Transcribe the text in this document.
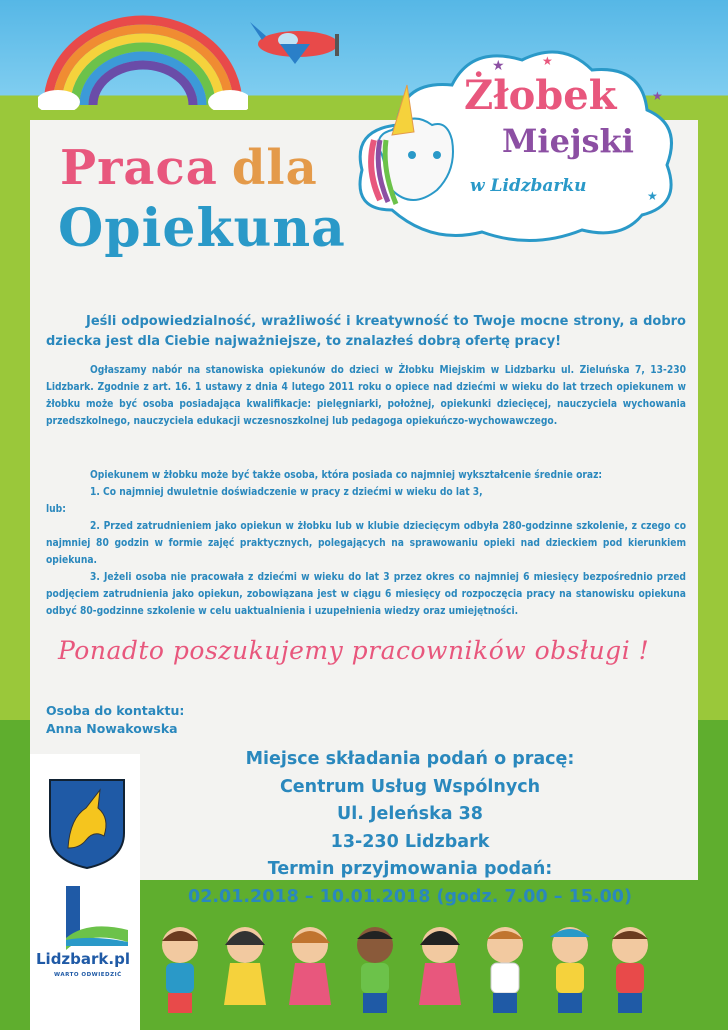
★	★
★
★
Żłobek
Miejski
w Lidzbarku
Praca dla
Opiekuna
Jeśli odpowiedzialność, wrażliwość i kreatywność to Twoje mocne strony, a dobro dziecka jest dla Ciebie najważniejsze, to znalazłeś dobrą ofertę pracy!
Ogłaszamy nabór na stanowiska opiekunów do dzieci w Żłobku Miejskim w Lidzbarku ul. Zieluńska 7, 13-230 Lidzbark. Zgodnie z art. 16. 1 ustawy z dnia 4 lutego 2011 roku o opiece nad dziećmi w wieku do lat trzech opiekunem w żłobku może być osoba posiadająca kwalifikacje: pielęgniarki, położnej, opiekunki dziecięcej, nauczyciela wychowania przedszkolnego, nauczyciela edukacji wczesnoszkolnej lub pedagoga opiekuńczo-wychowawczego.
Opiekunem w żłobku może być także osoba, która posiada co najmniej wykształcenie średnie oraz:
1. Co najmniej dwuletnie doświadczenie w pracy z dziećmi w wieku do lat 3,
lub:
2. Przed zatrudnieniem jako opiekun w żłobku lub w klubie dziecięcym odbyła 280-godzinne szkolenie, z czego co najmniej 80 godzin w formie zajęć praktycznych, polegających na sprawowaniu opieki nad dzieckiem pod kierunkiem opiekuna.
3. Jeżeli osoba nie pracowała z dziećmi w wieku do lat 3 przez okres co najmniej 6 miesięcy bezpośrednio przed podjęciem zatrudnienia jako opiekun, zobowiązana jest w ciągu 6 miesięcy od rozpoczęcia pracy na stanowisku opiekuna odbyć 80-godzinne szkolenie w celu uaktualnienia i uzupełnienia wiedzy oraz umiejętności.
Ponadto poszukujemy pracowników obsługi !
Osoba do kontaktu:
Anna Nowakowska
Lidzbark.pl
WARTO ODWIEDZIĆ
Miejsce składania podań o pracę:
Centrum Usług Wspólnych
Ul. Jeleńska 38
13-230 Lidzbark
Termin przyjmowania podań:
02.01.2018 – 10.01.2018 (godz. 7.00 – 15.00)
